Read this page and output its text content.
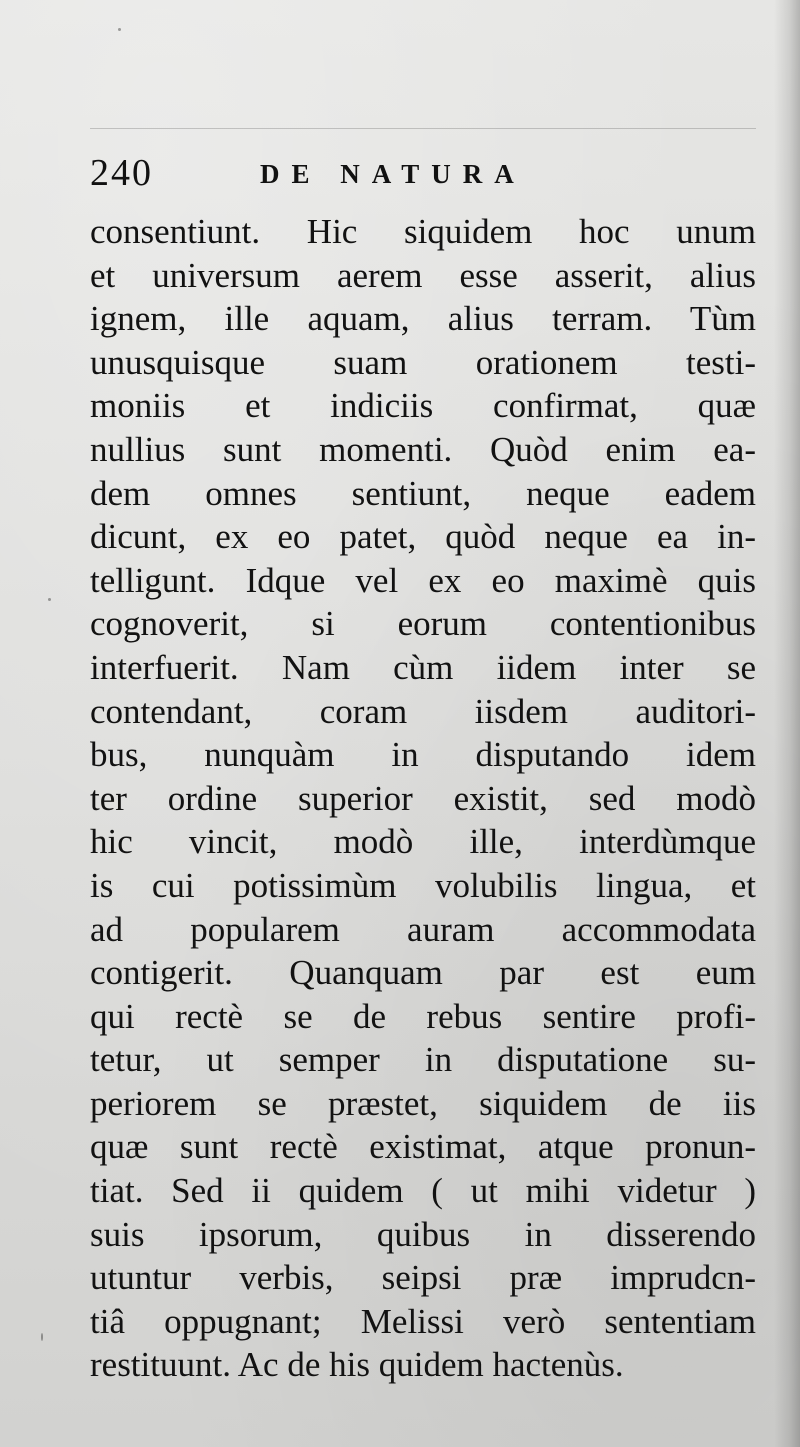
240	DE NATURA
consentiunt. Hic siquidem hoc unum
et universum aerem esse asserit, alius
ignem, ille aquam, alius terram. Tùm
unusquisque suam orationem testi-
moniis et indiciis confirmat, quæ
nullius sunt momenti. Quòd enim ea-
dem omnes sentiunt, neque eadem
dicunt, ex eo patet, quòd neque ea in-
telligunt. Idque vel ex eo maximè quis
cognoverit, si eorum contentionibus
interfuerit. Nam cùm iidem inter se
contendant, coram iisdem auditori-
bus, nunquàm in disputando idem
ter ordine superior existit, sed modò
hic vincit, modò ille, interdùmque
is cui potissimùm volubilis lingua, et
ad popularem auram accommodata
contigerit. Quanquam par est eum
qui rectè se de rebus sentire profi-
tetur, ut semper in disputatione su-
periorem se præstet, siquidem de iis
quæ sunt rectè existimat, atque pronun-
tiat. Sed ii quidem ( ut mihi videtur )
suis ipsorum, quibus in disserendo
utuntur verbis, seipsi præ imprudcn-
tiâ oppugnant; Melissi verò sententiam
restituunt. Ac de his quidem hactenùs.
